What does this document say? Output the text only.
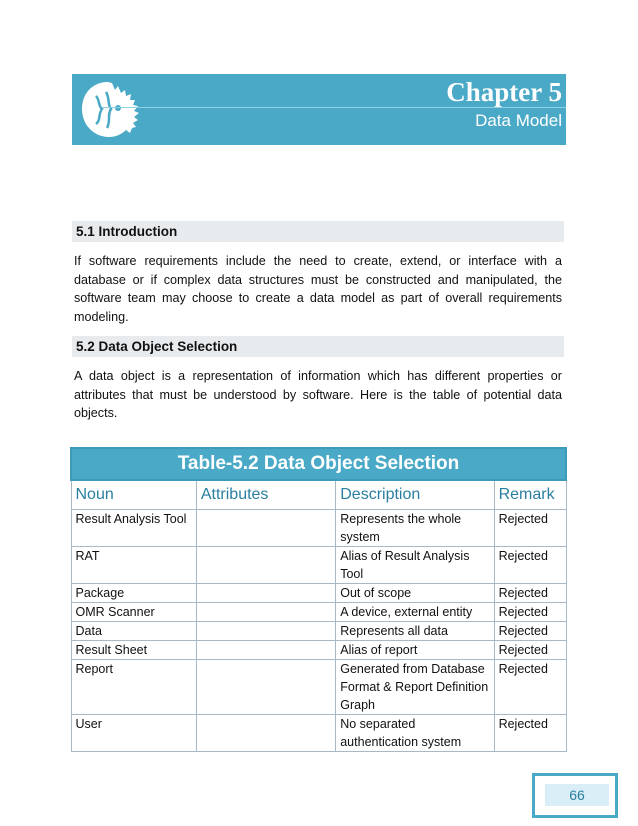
Chapter 5
Data Model
5.1 Introduction
If software requirements include the need to create, extend, or interface with a database or if complex data structures must be constructed and manipulated, the software team may choose to create a data model as part of overall requirements modeling.
5.2 Data Object Selection
A data object is a representation of information which has different properties or attributes that must be understood by software. Here is the table of potential data objects.
Table-5.2 Data Object Selection			
Noun	Attributes	Description	Remark
Result Analysis Tool		Represents the whole system	Rejected
RAT		Alias of Result Analysis Tool	Rejected
Package		Out of scope	Rejected
OMR Scanner		A device, external entity	Rejected
Data		Represents all data	Rejected
Result Sheet		Alias of report	Rejected
Report		Generated from Database Format & Report Definition Graph	Rejected
User		No separated authentication system	Rejected
66
